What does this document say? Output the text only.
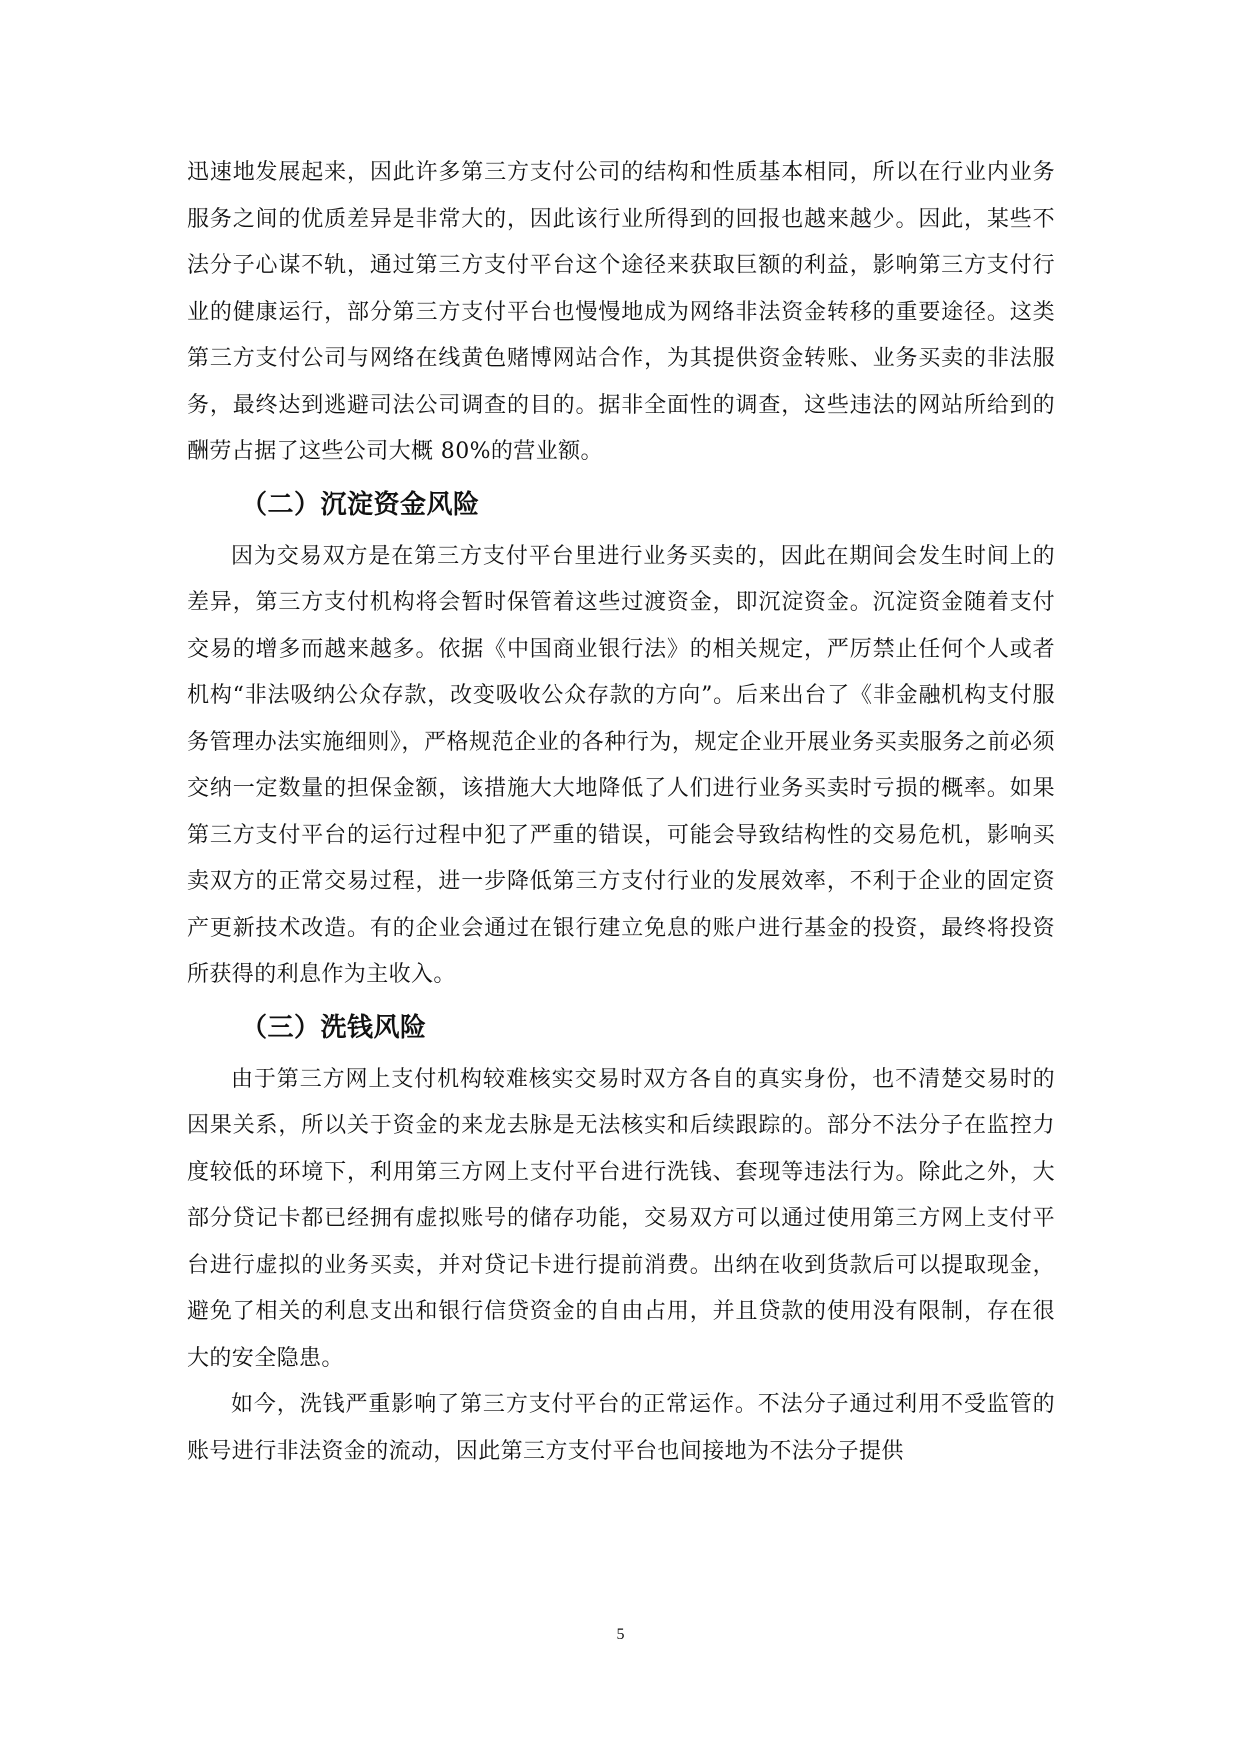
迅速地发展起来，因此许多第三方支付公司的结构和性质基本相同，所以在行业内业务服务之间的优质差异是非常大的，因此该行业所得到的回报也越来越少。因此，某些不法分子心谋不轨，通过第三方支付平台这个途径来获取巨额的利益，影响第三方支付行业的健康运行，部分第三方支付平台也慢慢地成为网络非法资金转移的重要途径。这类第三方支付公司与网络在线黄色赌博网站合作，为其提供资金转账、业务买卖的非法服务，最终达到逃避司法公司调查的目的。据非全面性的调查，这些违法的网站所给到的酬劳占据了这些公司大概 80%的营业额。

（二）沉淀资金风险

因为交易双方是在第三方支付平台里进行业务买卖的，因此在期间会发生时间上的差异，第三方支付机构将会暂时保管着这些过渡资金，即沉淀资金。沉淀资金随着支付交易的增多而越来越多。依据《中国商业银行法》的相关规定，严厉禁止任何个人或者机构“非法吸纳公众存款，改变吸收公众存款的方向”。后来出台了《非金融机构支付服务管理办法实施细则》，严格规范企业的各种行为，规定企业开展业务买卖服务之前必须交纳一定数量的担保金额，该措施大大地降低了人们进行业务买卖时亏损的概率。如果第三方支付平台的运行过程中犯了严重的错误，可能会导致结构性的交易危机，影响买卖双方的正常交易过程，进一步降低第三方支付行业的发展效率，不利于企业的固定资产更新技术改造。有的企业会通过在银行建立免息的账户进行基金的投资，最终将投资所获得的利息作为主收入。

（三）洗钱风险

由于第三方网上支付机构较难核实交易时双方各自的真实身份，也不清楚交易时的因果关系，所以关于资金的来龙去脉是无法核实和后续跟踪的。部分不法分子在监控力度较低的环境下，利用第三方网上支付平台进行洗钱、套现等违法行为。除此之外，大部分贷记卡都已经拥有虚拟账号的储存功能，交易双方可以通过使用第三方网上支付平台进行虚拟的业务买卖，并对贷记卡进行提前消费。出纳在收到货款后可以提取现金，避免了相关的利息支出和银行信贷资金的自由占用，并且贷款的使用没有限制，存在很大的安全隐患。

如今，洗钱严重影响了第三方支付平台的正常运作。不法分子通过利用不受监管的账号进行非法资金的流动，因此第三方支付平台也间接地为不法分子提供

5
